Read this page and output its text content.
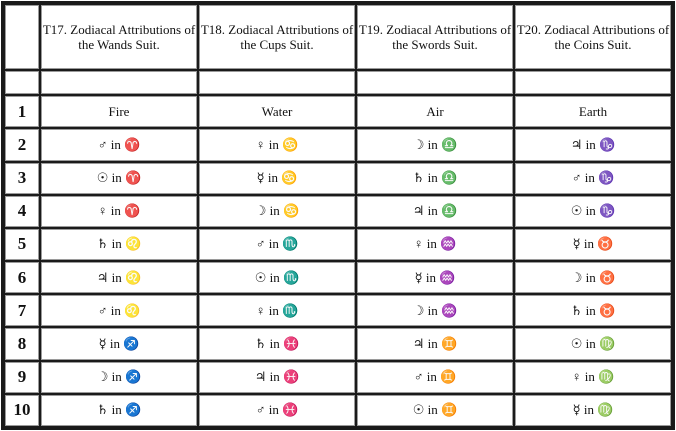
	T17. Zodiacal Attributions of the Wands Suit.	T18. Zodiacal Attributions of the Cups Suit.	T19. Zodiacal Attributions of the Swords Suit.	T20. Zodiacal Attributions of the Coins Suit.

1	Fire	Water	Air	Earth
2	♂ in ♈	♀ in ♋	☽ in ♎	♃ in ♑
3	☉ in ♈	☿ in ♋	♄ in ♎	♂ in ♑
4	♀ in ♈	☽ in ♋	♃ in ♎	☉ in ♑
5	♄ in ♌	♂ in ♏	♀ in ♒	☿ in ♉
6	♃ in ♌	☉ in ♏	☿ in ♒	☽ in ♉
7	♂ in ♌	♀ in ♏	☽ in ♒	♄ in ♉
8	☿ in ♐	♄ in ♓	♃ in ♊	☉ in ♍
9	☽ in ♐	♃ in ♓	♂ in ♊	♀ in ♍
10	♄ in ♐	♂ in ♓	☉ in ♊	☿ in ♍
